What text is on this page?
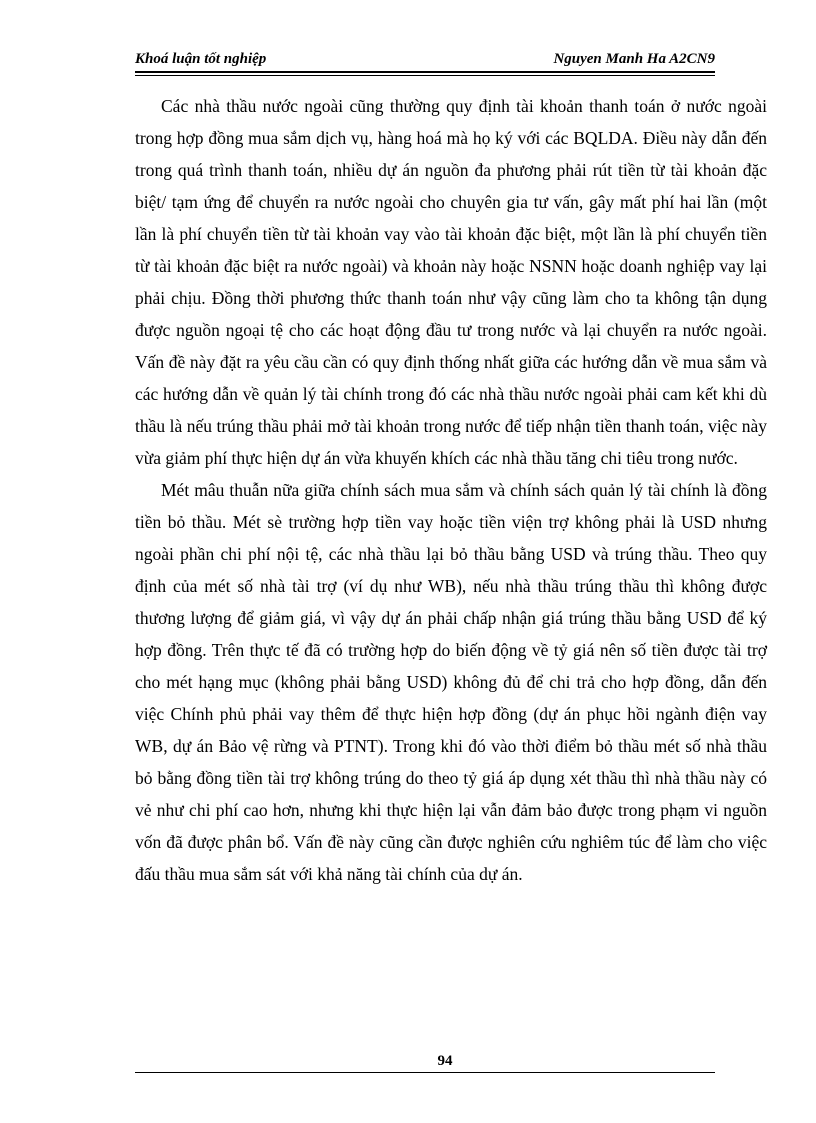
Khoá luận tốt nghiệp	Nguyen Manh Ha A2CN9

Các nhà thầu nước ngoài cũng thường quy định tài khoản thanh toán ở nước ngoài trong hợp đồng mua sắm dịch vụ, hàng hoá mà họ ký với các BQLDA. Điều này dẫn đến trong quá trình thanh toán, nhiều dự án nguồn đa phương phải rút tiền từ tài khoản đặc biệt/ tạm ứng để chuyển ra nước ngoài cho chuyên gia tư vấn, gây mất phí hai lần (một lần là phí chuyển tiền từ tài khoản vay vào tài khoản đặc biệt, một lần là phí chuyển tiền từ tài khoản đặc biệt ra nước ngoài) và khoản này hoặc NSNN hoặc doanh nghiệp vay lại phải chịu. Đồng thời phương thức thanh toán như vậy cũng làm cho ta không tận dụng được nguồn ngoại tệ cho các hoạt động đầu tư trong nước và lại chuyển ra nước ngoài. Vấn đề này đặt ra yêu cầu cần có quy định thống nhất giữa các hướng dẫn về mua sắm và các hướng dẫn về quản lý tài chính trong đó các nhà thầu nước ngoài phải cam kết khi dù thầu là nếu trúng thầu phải mở tài khoản trong nước để tiếp nhận tiền thanh toán, việc này vừa giảm phí thực hiện dự án vừa khuyến khích các nhà thầu tăng chi tiêu trong nước.

Mét mâu thuẫn nữa giữa chính sách mua sắm và chính sách quản lý tài chính là đồng tiền bỏ thầu. Mét sè trường hợp tiền vay hoặc tiền viện trợ không phải là USD nhưng ngoài phần chi phí nội tệ, các nhà thầu lại bỏ thầu bằng USD và trúng thầu. Theo quy định của mét số nhà tài trợ (ví dụ như WB), nếu nhà thầu trúng thầu thì không được thương lượng để giảm giá, vì vậy dự án phải chấp nhận giá trúng thầu bằng USD để ký hợp đồng. Trên thực tế đã có trường hợp do biến động về tỷ giá nên số tiền được tài trợ cho mét hạng mục (không phải bằng USD) không đủ để chi trả cho hợp đồng, dẫn đến việc Chính phủ phải vay thêm để thực hiện hợp đồng (dự án phục hồi ngành điện vay WB, dự án Bảo vệ rừng và PTNT). Trong khi đó vào thời điểm bỏ thầu mét số nhà thầu bỏ bằng đồng tiền tài trợ không trúng do theo tỷ giá áp dụng xét thầu thì nhà thầu này có vẻ như chi phí cao hơn, nhưng khi thực hiện lại vẫn đảm bảo được trong phạm vi nguồn vốn đã được phân bổ. Vấn đề này cũng cần được nghiên cứu nghiêm túc để làm cho việc đấu thầu mua sắm sát với khả năng tài chính của dự án.

94
